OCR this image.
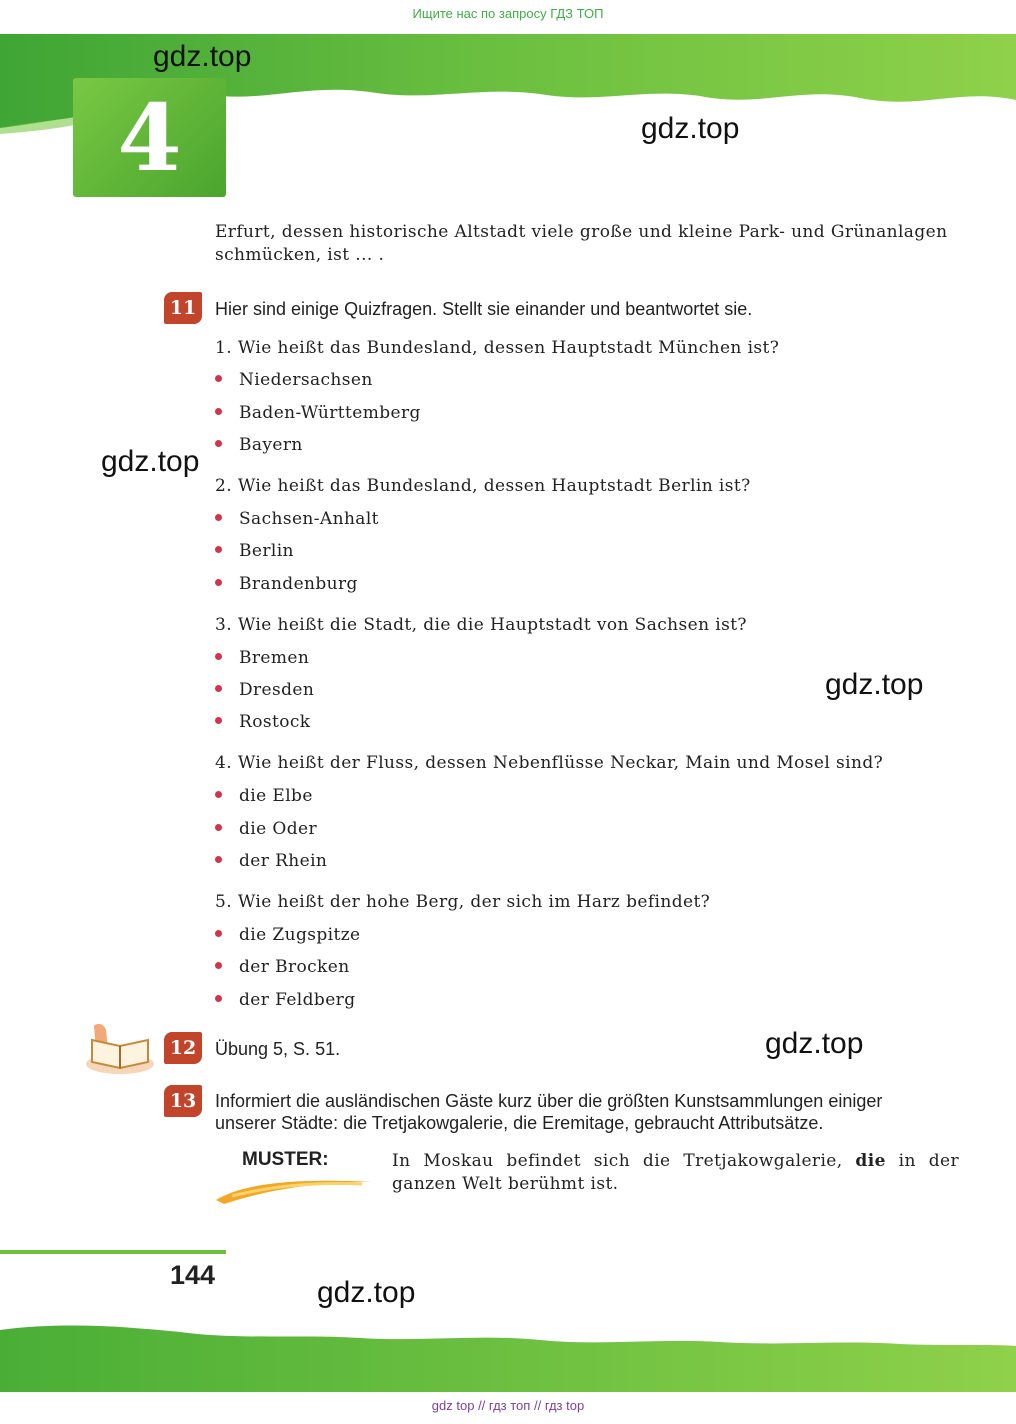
Ищите нас по запросу ГДЗ ТОП
gdz.top
gdz.top
4
Erfurt, dessen historische Altstadt viele große und kleine Park- und Grünanlagen
schmücken, ist ... .
11 Hier sind einige Quizfragen. Stellt sie einander und beantwortet sie.
gdz.top
1. Wie heißt das Bundesland, dessen Hauptstadt München ist?
Niedersachsen
Baden-Württemberg
Bayern
2. Wie heißt das Bundesland, dessen Hauptstadt Berlin ist?
Sachsen-Anhalt
Berlin
Brandenburg
3. Wie heißt die Stadt, die die Hauptstadt von Sachsen ist?
Bremen
Dresden
Rostock
gdz.top
4. Wie heißt der Fluss, dessen Nebenflüsse Neckar, Main und Mosel sind?
die Elbe
die Oder
der Rhein
5. Wie heißt der hohe Berg, der sich im Harz befindet?
die Zugspitze
der Brocken
der Feldberg
12 Übung 5, S. 51.	gdz.top
13 Informiert die ausländischen Gäste kurz über die größten Kunstsammlungen einiger
unserer Städte: die Tretjakowgalerie, die Eremitage, gebraucht Attributsätze.
MUSTER:	In Moskau befindet sich die Tretjakowgalerie, die in der ganzen Welt berühmt ist.
144
gdz.top
gdz top // гдз топ // гдз top
